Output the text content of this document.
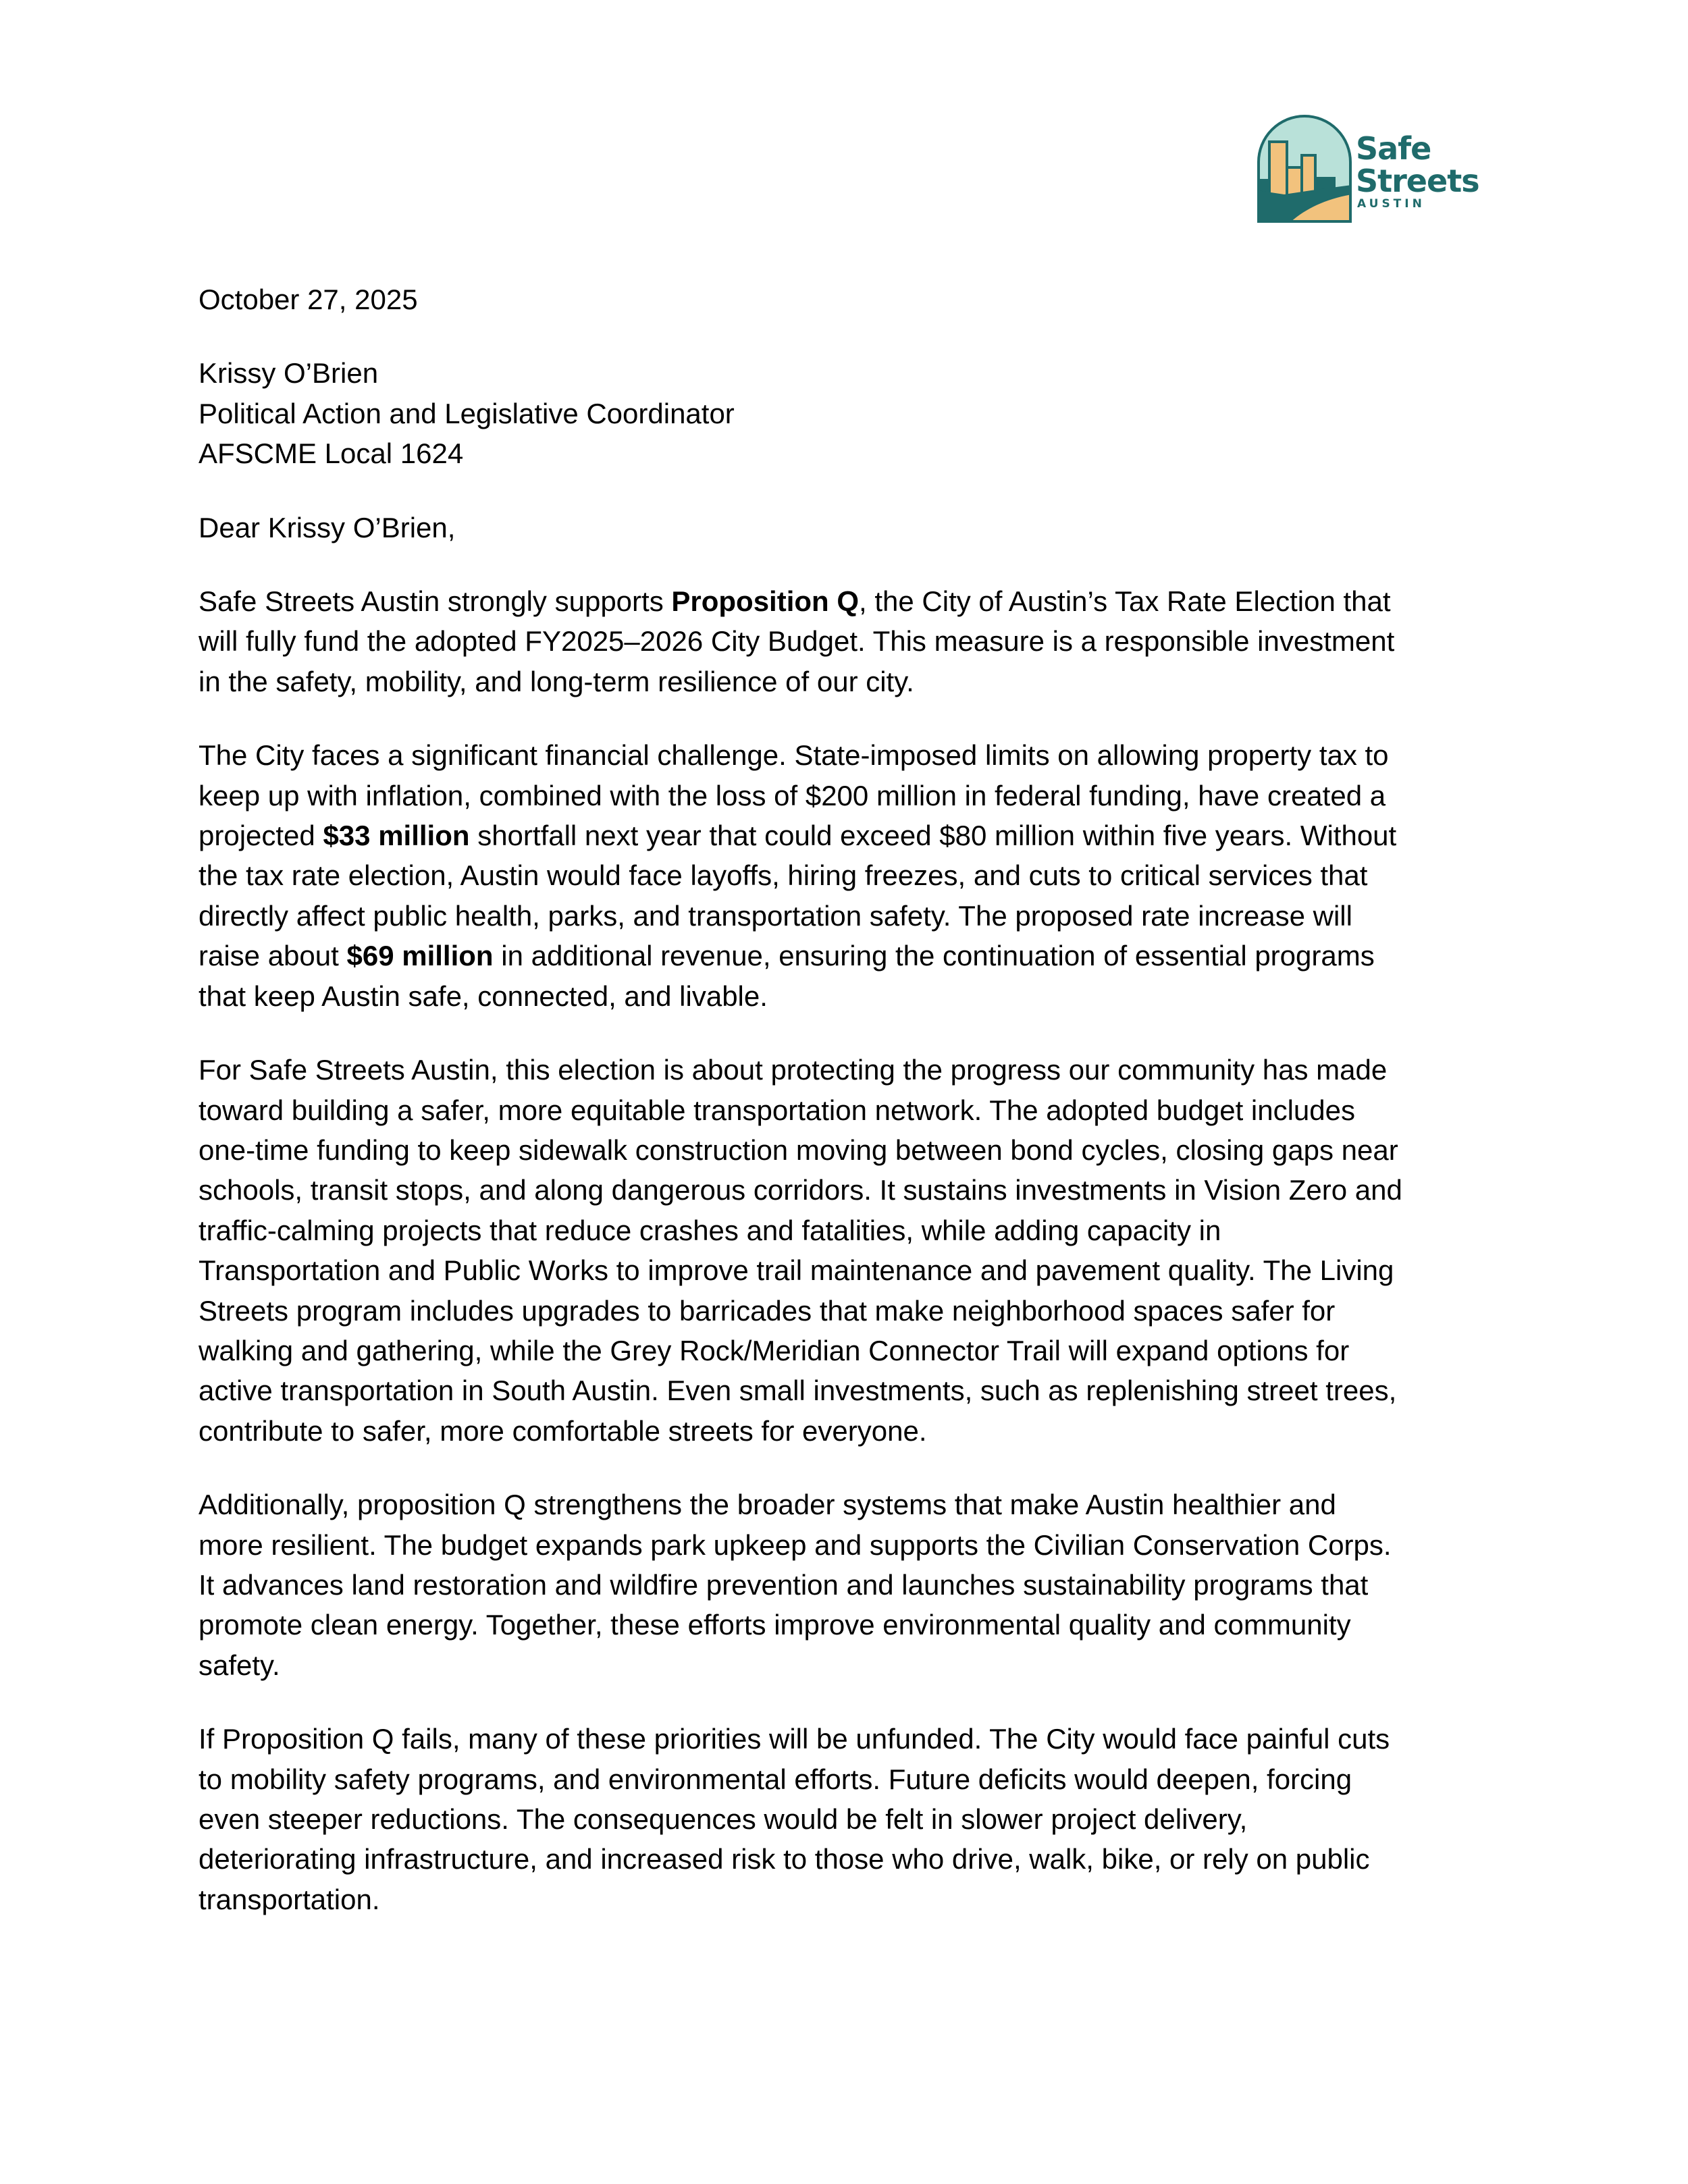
Safe
Streets
AUSTIN

October 27, 2025

Krissy O’Brien
Political Action and Legislative Coordinator
AFSCME Local 1624

Dear Krissy O’Brien,

Safe Streets Austin strongly supports Proposition Q, the City of Austin’s Tax Rate Election that
will fully fund the adopted FY2025–2026 City Budget. This measure is a responsible investment
in the safety, mobility, and long-term resilience of our city.

The City faces a significant financial challenge. State-imposed limits on allowing property tax to
keep up with inflation, combined with the loss of $200 million in federal funding, have created a
projected $33 million shortfall next year that could exceed $80 million within five years. Without
the tax rate election, Austin would face layoffs, hiring freezes, and cuts to critical services that
directly affect public health, parks, and transportation safety. The proposed rate increase will
raise about $69 million in additional revenue, ensuring the continuation of essential programs
that keep Austin safe, connected, and livable.

For Safe Streets Austin, this election is about protecting the progress our community has made
toward building a safer, more equitable transportation network. The adopted budget includes
one-time funding to keep sidewalk construction moving between bond cycles, closing gaps near
schools, transit stops, and along dangerous corridors. It sustains investments in Vision Zero and
traffic-calming projects that reduce crashes and fatalities, while adding capacity in
Transportation and Public Works to improve trail maintenance and pavement quality. The Living
Streets program includes upgrades to barricades that make neighborhood spaces safer for
walking and gathering, while the Grey Rock/Meridian Connector Trail will expand options for
active transportation in South Austin. Even small investments, such as replenishing street trees,
contribute to safer, more comfortable streets for everyone.

Additionally, proposition Q strengthens the broader systems that make Austin healthier and
more resilient. The budget expands park upkeep and supports the Civilian Conservation Corps.
It advances land restoration and wildfire prevention and launches sustainability programs that
promote clean energy. Together, these efforts improve environmental quality and community
safety.

If Proposition Q fails, many of these priorities will be unfunded. The City would face painful cuts
to mobility safety programs, and environmental efforts. Future deficits would deepen, forcing
even steeper reductions. The consequences would be felt in slower project delivery,
deteriorating infrastructure, and increased risk to those who drive, walk, bike, or rely on public
transportation.
